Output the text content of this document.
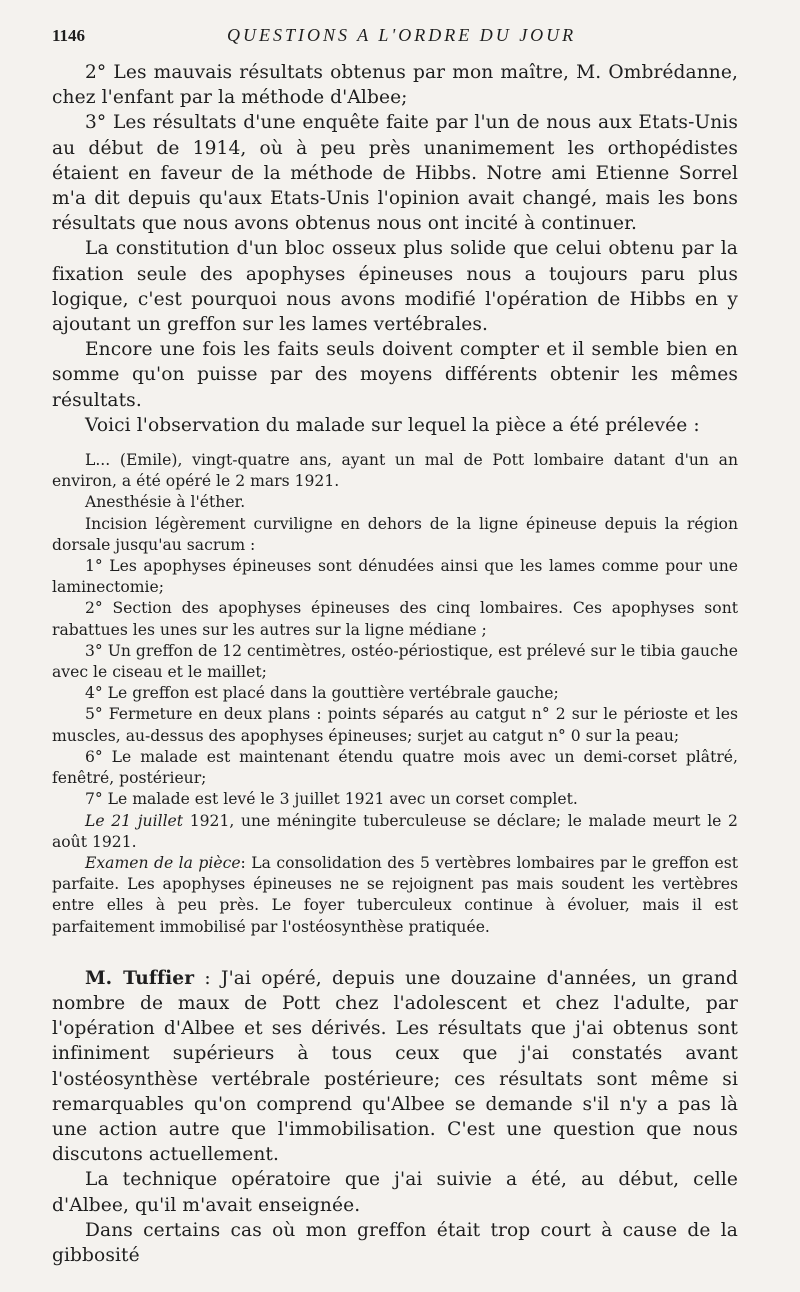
1146	QUESTIONS A L'ORDRE DU JOUR

2° Les mauvais résultats obtenus par mon maître, M. Ombrédanne, chez l'enfant par la méthode d'Albee;

3° Les résultats d'une enquête faite par l'un de nous aux Etats-Unis au début de 1914, où à peu près unanimement les orthopédistes étaient en faveur de la méthode de Hibbs. Notre ami Etienne Sorrel m'a dit depuis qu'aux Etats-Unis l'opinion avait changé, mais les bons résultats que nous avons obtenus nous ont incité à continuer.

La constitution d'un bloc osseux plus solide que celui obtenu par la fixation seule des apophyses épineuses nous a toujours paru plus logique, c'est pourquoi nous avons modifié l'opération de Hibbs en y ajoutant un greffon sur les lames vertébrales.

Encore une fois les faits seuls doivent compter et il semble bien en somme qu'on puisse par des moyens différents obtenir les mêmes résultats.

Voici l'observation du malade sur lequel la pièce a été prélevée :

L... (Emile), vingt-quatre ans, ayant un mal de Pott lombaire datant d'un an environ, a été opéré le 2 mars 1921.

Anesthésie à l'éther.

Incision légèrement curviligne en dehors de la ligne épineuse depuis la région dorsale jusqu'au sacrum :

1° Les apophyses épineuses sont dénudées ainsi que les lames comme pour une laminectomie;

2° Section des apophyses épineuses des cinq lombaires. Ces apophyses sont rabattues les unes sur les autres sur la ligne médiane ;

3° Un greffon de 12 centimètres, ostéo-périostique, est prélevé sur le tibia gauche avec le ciseau et le maillet;

4° Le greffon est placé dans la gouttière vertébrale gauche;

5° Fermeture en deux plans : points séparés au catgut n° 2 sur le périoste et les muscles, au-dessus des apophyses épineuses; surjet au catgut n° 0 sur la peau;

6° Le malade est maintenant étendu quatre mois avec un demi-corset plâtré, fenêtré, postérieur;

7° Le malade est levé le 3 juillet 1921 avec un corset complet.

Le 21 juillet 1921, une méningite tuberculeuse se déclare; le malade meurt le 2 août 1921.

Examen de la pièce: La consolidation des 5 vertèbres lombaires par le greffon est parfaite. Les apophyses épineuses ne se rejoignent pas mais soudent les vertèbres entre elles à peu près. Le foyer tuberculeux continue à évoluer, mais il est parfaitement immobilisé par l'ostéosynthèse pratiquée.

M. Tuffier : J'ai opéré, depuis une douzaine d'années, un grand nombre de maux de Pott chez l'adolescent et chez l'adulte, par l'opération d'Albee et ses dérivés. Les résultats que j'ai obtenus sont infiniment supérieurs à tous ceux que j'ai constatés avant l'ostéosynthèse vertébrale postérieure; ces résultats sont même si remarquables qu'on comprend qu'Albee se demande s'il n'y a pas là une action autre que l'immobilisation. C'est une question que nous discutons actuellement.

La technique opératoire que j'ai suivie a été, au début, celle d'Albee, qu'il m'avait enseignée.

Dans certains cas où mon greffon était trop court à cause de la gibbosité
